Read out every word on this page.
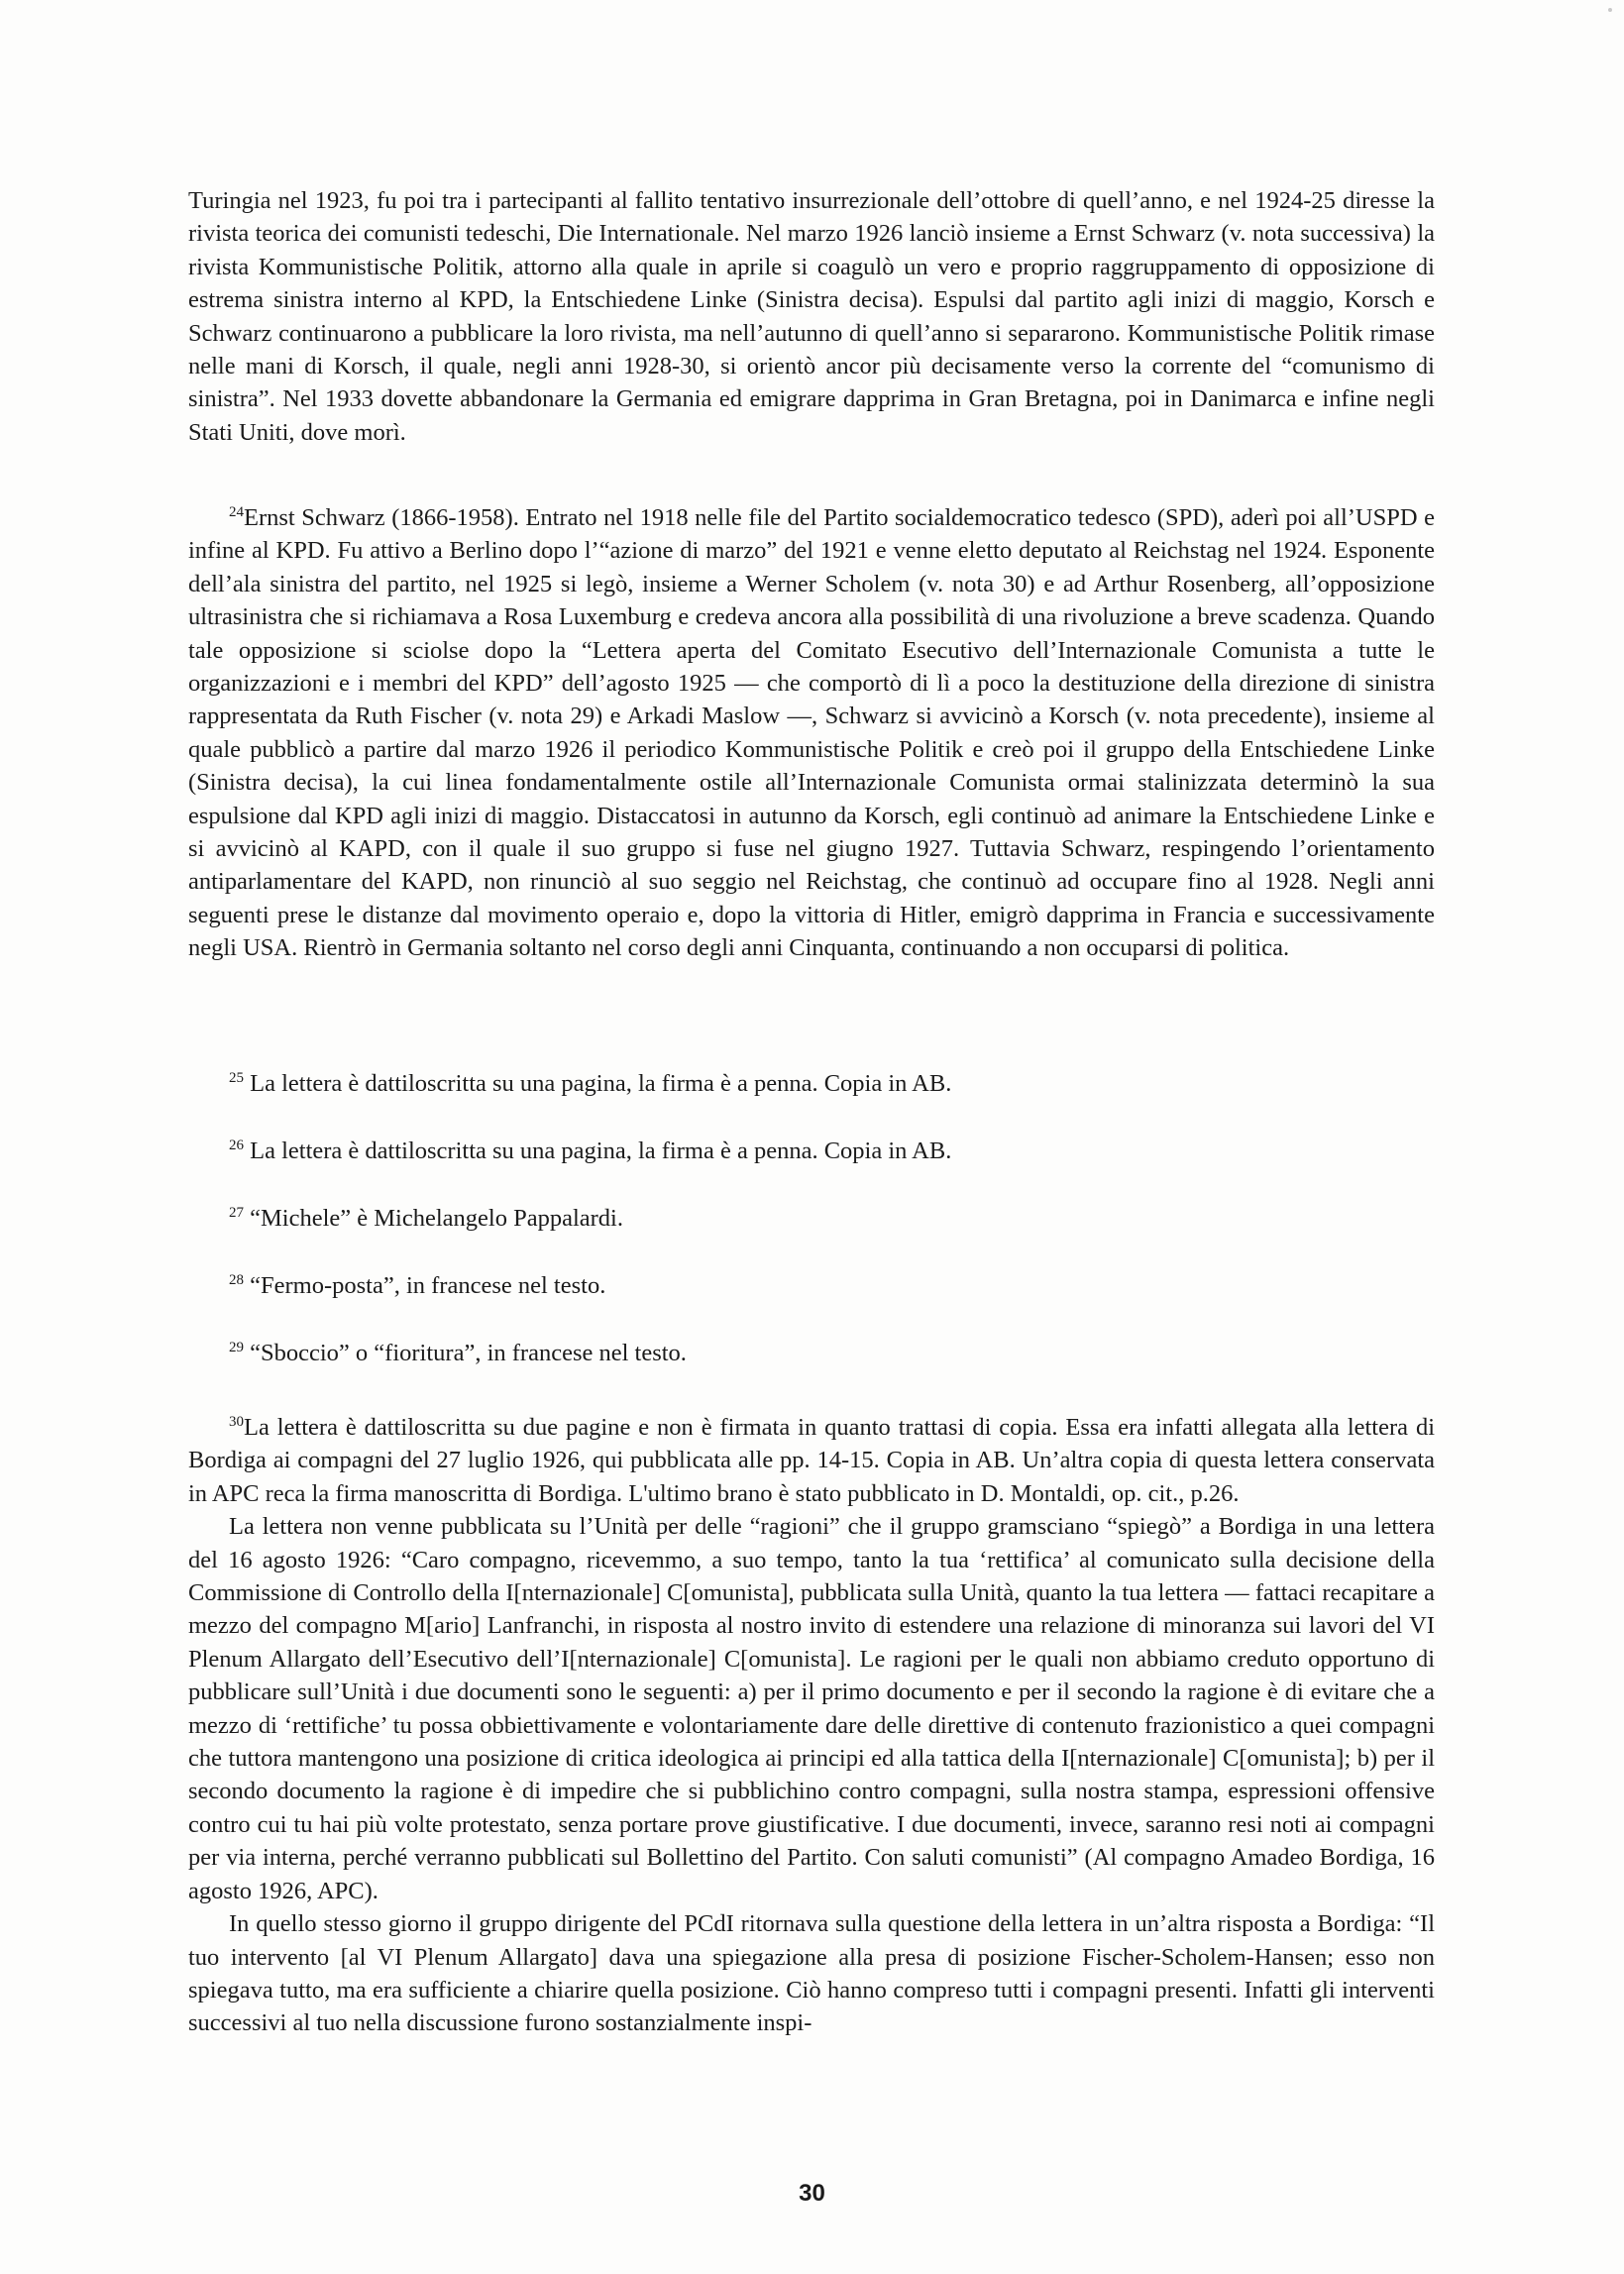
Turingia nel 1923, fu poi tra i partecipanti al fallito tentativo insurrezionale dell’ottobre di quell’anno, e nel 1924-25 diresse la rivista teorica dei comunisti tedeschi, Die Internationale. Nel marzo 1926 lanciò insieme a Ernst Schwarz (v. nota successiva) la rivista Kommunistische Politik, attorno alla quale in aprile si coagulò un vero e proprio raggruppamento di opposizione di estrema sinistra interno al KPD, la Entschiedene Linke (Sinistra decisa). Espulsi dal partito agli inizi di maggio, Korsch e Schwarz continuarono a pubblicare la loro rivista, ma nell’autunno di quell’anno si separarono. Kommunistische Politik rimase nelle mani di Korsch, il quale, negli anni 1928-30, si orientò ancor più decisamente verso la corrente del “comunismo di sinistra”. Nel 1933 dovette abbandonare la Germania ed emigrare dapprima in Gran Bretagna, poi in Danimarca e infine negli Stati Uniti, dove morì.

$^{24}$Ernst Schwarz (1866-1958). Entrato nel 1918 nelle file del Partito socialdemocratico tedesco (SPD), aderì poi all’USPD e infine al KPD. Fu attivo a Berlino dopo l’“azione di marzo” del 1921 e venne eletto deputato al Reichstag nel 1924. Esponente dell’ala sinistra del partito, nel 1925 si legò, insieme a Werner Scholem (v. nota 30) e ad Arthur Rosenberg, all’opposizione ultrasinistra che si richiamava a Rosa Luxemburg e credeva ancora alla possibilità di una rivoluzione a breve scadenza. Quando tale opposizione si sciolse dopo la “Lettera aperta del Comitato Esecutivo dell’Internazionale Comunista a tutte le organizzazioni e i membri del KPD” dell’agosto 1925 — che comportò di lì a poco la destituzione della direzione di sinistra rappresentata da Ruth Fischer (v. nota 29) e Arkadi Maslow —, Schwarz si avvicinò a Korsch (v. nota precedente), insieme al quale pubblicò a partire dal marzo 1926 il periodico Kommunistische Politik e creò poi il gruppo della Entschiedene Linke (Sinistra decisa), la cui linea fondamentalmente ostile all’Internazionale Comunista ormai stalinizzata determinò la sua espulsione dal KPD agli inizi di maggio. Distaccatosi in autunno da Korsch, egli continuò ad animare la Entschiedene Linke e si avvicinò al KAPD, con il quale il suo gruppo si fuse nel giugno 1927. Tuttavia Schwarz, respingendo l’orientamento antiparlamentare del KAPD, non rinunciò al suo seggio nel Reichstag, che continuò ad occupare fino al 1928. Negli anni seguenti prese le distanze dal movimento operaio e, dopo la vittoria di Hitler, emigrò dapprima in Francia e successivamente negli USA. Rientrò in Germania soltanto nel corso degli anni Cinquanta, continuando a non occuparsi di politica.

$^{25}$ La lettera è dattiloscritta su una pagina, la firma è a penna. Copia in AB.
$^{26}$ La lettera è dattiloscritta su una pagina, la firma è a penna. Copia in AB.
$^{27}$ “Michele” è Michelangelo Pappalardi.
$^{28}$ “Fermo-posta”, in francese nel testo.
$^{29}$ “Sboccio” o “fioritura”, in francese nel testo.

$^{30}$La lettera è dattiloscritta su due pagine e non è firmata in quanto trattasi di copia. Essa era infatti allegata alla lettera di Bordiga ai compagni del 27 luglio 1926, qui pubblicata alle pp. 14-15. Copia in AB. Un’altra copia di questa lettera conservata in APC reca la firma manoscritta di Bordiga. L'ultimo brano è stato pubblicato in D. Montaldi, op. cit., p.26.

La lettera non venne pubblicata su l’Unità per delle “ragioni” che il gruppo gramsciano “spiegò” a Bordiga in una lettera del 16 agosto 1926: “Caro compagno, ricevemmo, a suo tempo, tanto la tua ‘rettifica’ al comunicato sulla decisione della Commissione di Controllo della I[nternazionale] C[omunista], pubblicata sulla Unità, quanto la tua lettera — fattaci recapitare a mezzo del compagno M[ario] Lanfranchi, in risposta al nostro invito di estendere una relazione di minoranza sui lavori del VI Plenum Allargato dell’Esecutivo dell’I[nternazionale] C[omunista]. Le ragioni per le quali non abbiamo creduto opportuno di pubblicare sull’Unità i due documenti sono le seguenti: a) per il primo documento e per il secondo la ragione è di evitare che a mezzo di ‘rettifiche’ tu possa obbiettivamente e volontariamente dare delle direttive di contenuto frazionistico a quei compagni che tuttora mantengono una posizione di critica ideologica ai principi ed alla tattica della I[nternazionale] C[omunista]; b) per il secondo documento la ragione è di impedire che si pubblichino contro compagni, sulla nostra stampa, espressioni offensive contro cui tu hai più volte protestato, senza portare prove giustificative. I due documenti, invece, saranno resi noti ai compagni per via interna, perché verranno pubblicati sul Bollettino del Partito. Con saluti comunisti” (Al compagno Amadeo Bordiga, 16 agosto 1926, APC).

In quello stesso giorno il gruppo dirigente del PCdI ritornava sulla questione della lettera in un’altra risposta a Bordiga: “Il tuo intervento [al VI Plenum Allargato] dava una spiegazione alla presa di posizione Fischer-Scholem-Hansen; esso non spiegava tutto, ma era sufficiente a chiarire quella posizione. Ciò hanno compreso tutti i compagni presenti. Infatti gli interventi successivi al tuo nella discussione furono sostanzialmente inspi-

30
